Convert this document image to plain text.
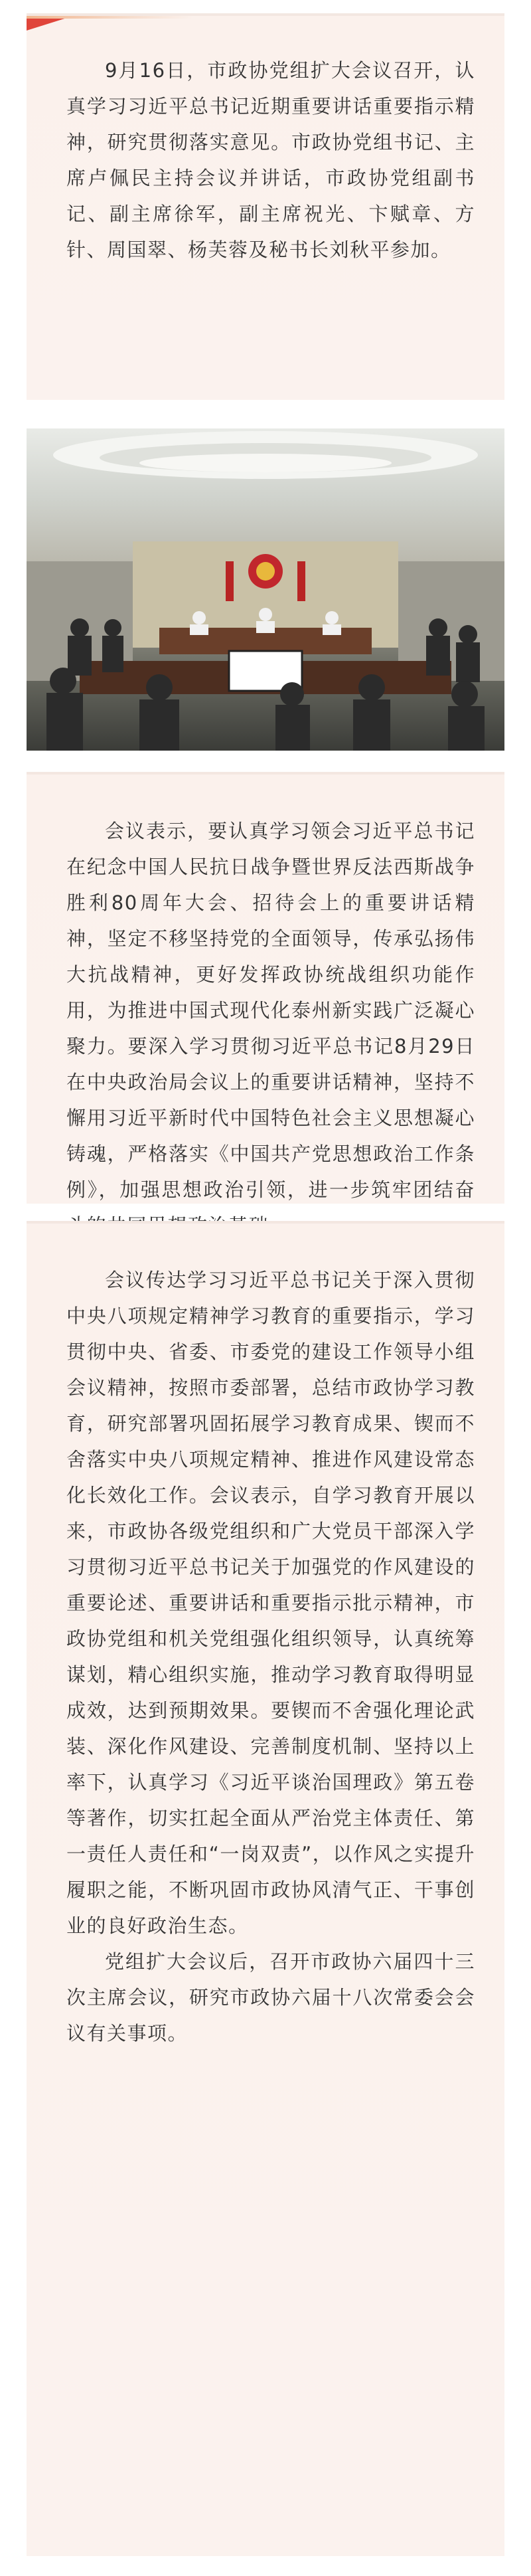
9月16日，市政协党组扩大会议召开，认真学习习近平总书记近期重要讲话重要指示精神，研究贯彻落实意见。市政协党组书记、主席卢佩民主持会议并讲话，市政协党组副书记、副主席徐军，副主席祝光、卞赋章、方针、周国翠、杨芙蓉及秘书长刘秋平参加。

会议表示，要认真学习领会习近平总书记在纪念中国人民抗日战争暨世界反法西斯战争胜利80周年大会、招待会上的重要讲话精神，坚定不移坚持党的全面领导，传承弘扬伟大抗战精神，更好发挥政协统战组织功能作用，为推进中国式现代化泰州新实践广泛凝心聚力。要深入学习贯彻习近平总书记8月29日在中央政治局会议上的重要讲话精神，坚持不懈用习近平新时代中国特色社会主义思想凝心铸魂，严格落实《中国共产党思想政治工作条例》，加强思想政治引领，进一步筑牢团结奋

会议传达学习习近平总书记关于深入贯彻中央八项规定精神学习教育的重要指示，学习贯彻中央、省委、市委党的建设工作领导小组会议精神，按照市委部署，总结市政协学习教育，研究部署巩固拓展学习教育成果、锲而不舍落实中央八项规定精神、推进作风建设常态化长效化工作。会议表示，自学习教育开展以来，市政协各级党组织和广大党员干部深入学习贯彻习近平总书记关于加强党的作风建设的重要论述、重要讲话和重要指示批示精神，市政协党组和机关党组强化组织领导，认真统筹谋划，精心组织实施，推动学习教育取得明显成效，达到预期效果。要锲而不舍强化理论武装、深化作风建设、完善制度机制、坚持以上率下，认真学习《习近平谈治国理政》第五卷等著作，切实扛起全面从严治党主体责任、第一责任人责任和“一岗双责”，以作风之实提升履职之能，不断巩固市政协风清气正、干事创业的良好政治生态。

党组扩大会议后，召开市政协六届四十三次主席会议，研究市政协六届十八次常委会会议有关事项。
